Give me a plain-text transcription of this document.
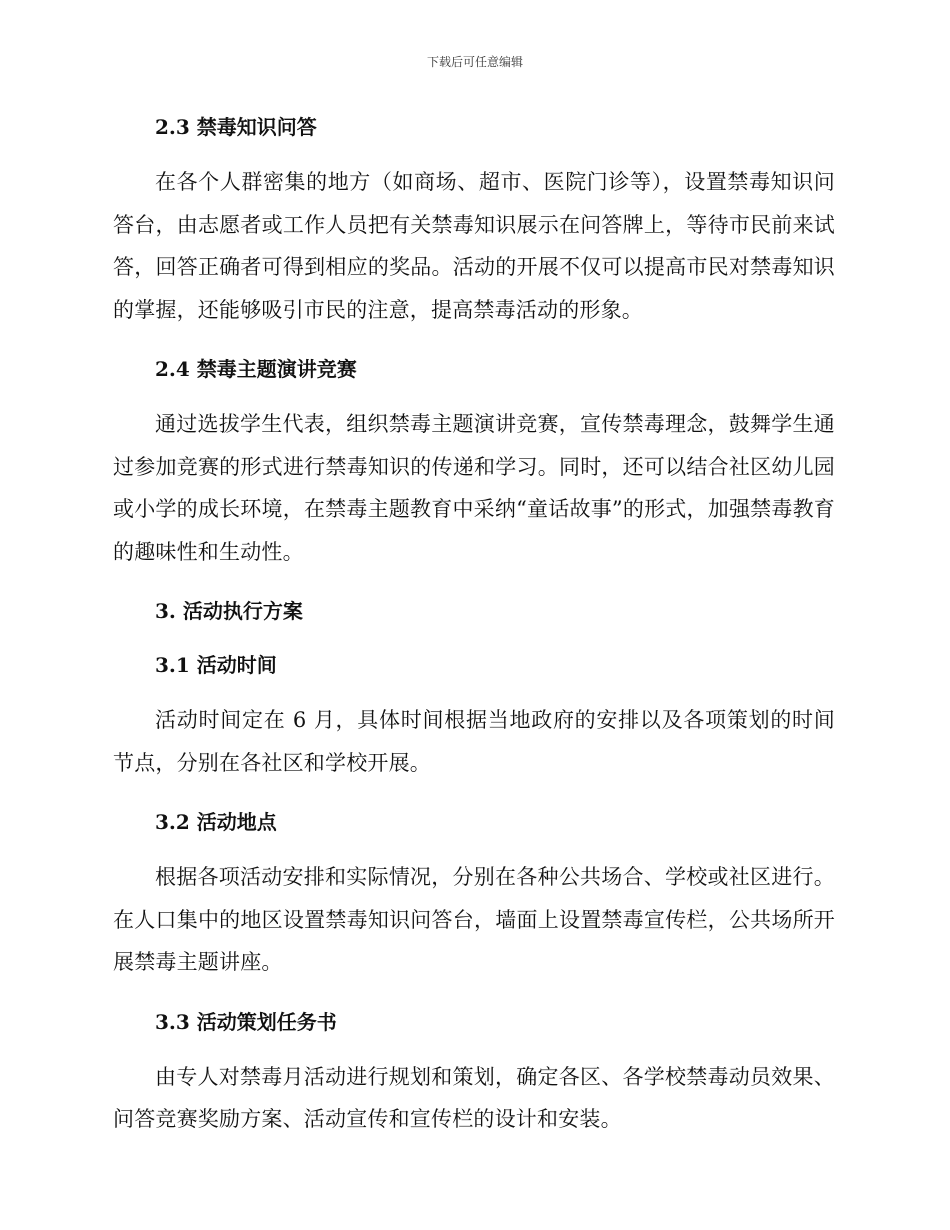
下载后可任意编辑
2.3 禁毒知识问答

在各个人群密集的地方（如商场、超市、医院门诊等），设置禁毒知识问答台，由志愿者或工作人员把有关禁毒知识展示在问答牌上，等待市民前来试答，回答正确者可得到相应的奖品。活动的开展不仅可以提高市民对禁毒知识的掌握，还能够吸引市民的注意，提高禁毒活动的形象。

2.4 禁毒主题演讲竞赛

通过选拔学生代表，组织禁毒主题演讲竞赛，宣传禁毒理念，鼓舞学生通过参加竞赛的形式进行禁毒知识的传递和学习。同时，还可以结合社区幼儿园或小学的成长环境，在禁毒主题教育中采纳“童话故事”的形式，加强禁毒教育的趣味性和生动性。

3. 活动执行方案
3.1 活动时间

活动时间定在 6 月，具体时间根据当地政府的安排以及各项策划的时间节点，分别在各社区和学校开展。

3.2 活动地点

根据各项活动安排和实际情况，分别在各种公共场合、学校或社区进行。在人口集中的地区设置禁毒知识问答台，墙面上设置禁毒宣传栏，公共场所开展禁毒主题讲座。

3.3 活动策划任务书

由专人对禁毒月活动进行规划和策划，确定各区、各学校禁毒动员效果、问答竞赛奖励方案、活动宣传和宣传栏的设计和安装。
